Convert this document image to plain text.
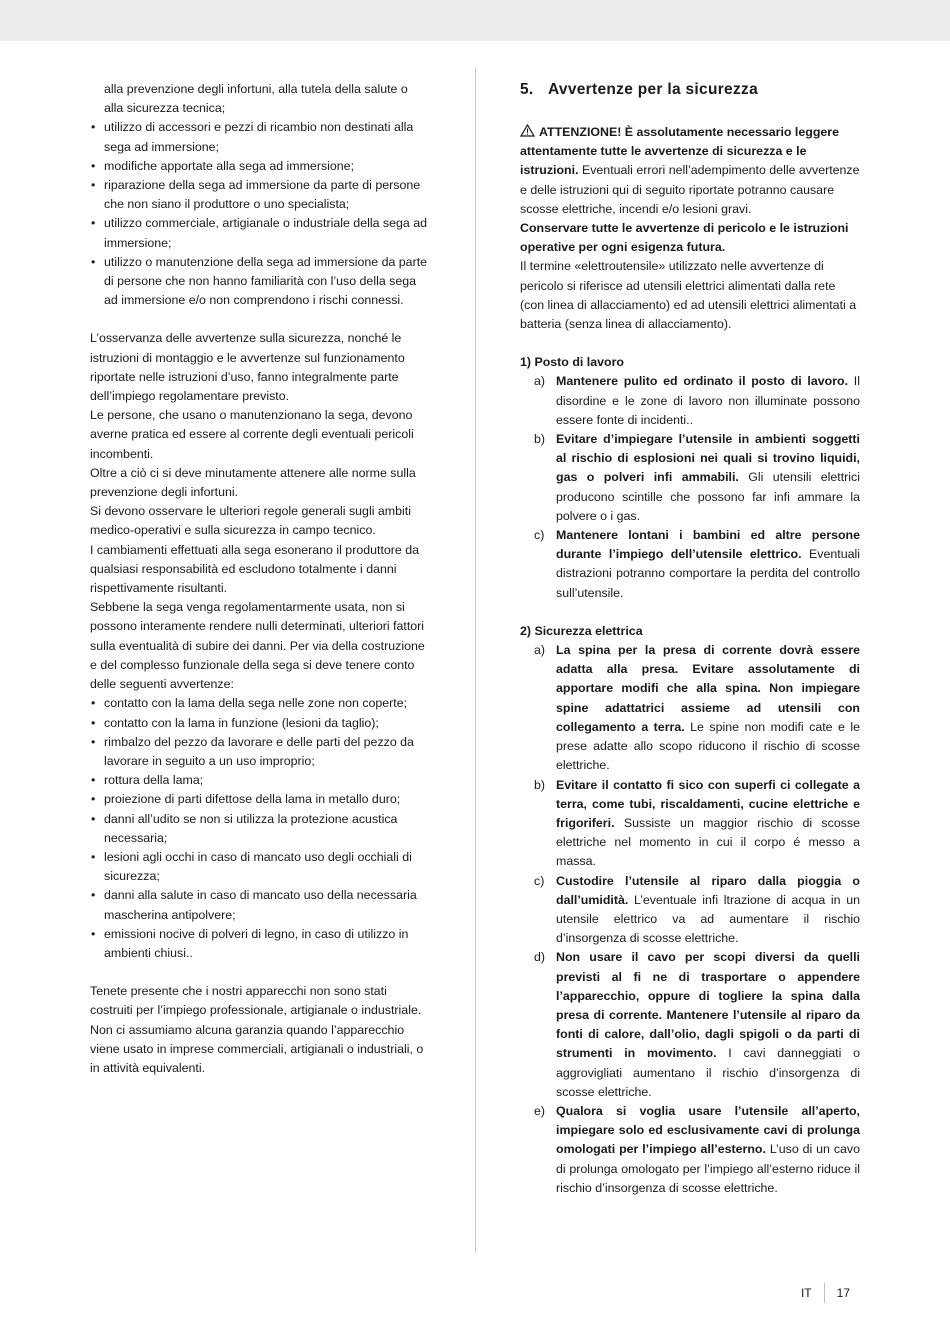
alla prevenzione degli infortuni, alla tutela della salute o alla sicurezza tecnica;

• utilizzo di accessori e pezzi di ricambio non destinati alla sega ad immersione;

• modifiche apportate alla sega ad immersione;

• riparazione della sega ad immersione da parte di persone che non siano il produttore o uno specialista;

• utilizzo commerciale, artigianale o industriale della sega ad immersione;

• utilizzo o manutenzione della sega ad immersione da parte di persone che non hanno familiarità con l’uso della sega ad immersione e/o non comprendono i rischi connessi.

L’osservanza delle avvertenze sulla sicurezza, nonché le istruzioni di montaggio e le avvertenze sul funzionamento riportate nelle istruzioni d’uso, fanno integralmente parte dell’impiego regolamentare previsto.

Le persone, che usano o manutenzionano la sega, devono averne pratica ed essere al corrente degli eventuali pericoli incombenti.

Oltre a ciò ci si deve minutamente attenere alle norme sulla prevenzione degli infortuni.

Si devono osservare le ulteriori regole generali sugli ambiti medico-operativi e sulla sicurezza in campo tecnico.

I cambiamenti effettuati alla sega esonerano il produttore da qualsiasi responsabilità ed escludono totalmente i danni rispettivamente risultanti.

Sebbene la sega venga regolamentarmente usata, non si possono interamente rendere nulli determinati, ulteriori fattori sulla eventualità di subire dei danni. Per via della costruzione e del complesso funzionale della sega si deve tenere conto delle seguenti avvertenze:

• contatto con la lama della sega nelle zone non coperte;

• contatto con la lama in funzione (lesioni da taglio);

• rimbalzo del pezzo da lavorare e delle parti del pezzo da lavorare in seguito a un uso improprio;

• rottura della lama;

• proiezione di parti difettose della lama in metallo duro;

• danni all’udito se non si utilizza la protezione acustica necessaria;

• lesioni agli occhi in caso di mancato uso degli occhiali di sicurezza;

• danni alla salute in caso di mancato uso della necessaria mascherina antipolvere;

• emissioni nocive di polveri di legno, in caso di utilizzo in ambienti chiusi..

Tenete presente che i nostri apparecchi non sono stati costruiti per l’impiego professionale, artigianale o industriale. Non ci assumiamo alcuna garanzia quando l’apparecchio viene usato in imprese commerciali, artigianali o industriali, o in attività equivalenti.

5. Avvertenze per la sicurezza

ATTENZIONE! È assolutamente necessario leggere attentamente tutte le avvertenze di sicurezza e le istruzioni. Eventuali errori nell’adempimento delle avvertenze e delle istruzioni qui di seguito riportate potranno causare scosse elettriche, incendi e/o lesioni gravi.

Conservare tutte le avvertenze di pericolo e le istruzioni operative per ogni esigenza futura.

Il termine «elettroutensile» utilizzato nelle avvertenze di pericolo si riferisce ad utensili elettrici alimentati dalla rete (con linea di allacciamento) ed ad utensili elettrici alimentati a batteria (senza linea di allacciamento).

1) Posto di lavoro

a) Mantenere pulito ed ordinato il posto di lavoro. Il disordine e le zone di lavoro non illuminate possono essere fonte di incidenti..
b) Evitare d’impiegare l’utensile in ambienti soggetti al rischio di esplosioni nei quali si trovino liquidi, gas o polveri infi ammabili. Gli utensili elettrici producono scintille che possono far infi ammare la polvere o i gas.
c) Mantenere lontani i bambini ed altre persone durante l’impiego dell’utensile elettrico. Eventuali distrazioni potranno comportare la perdita del controllo sull’utensile.

2) Sicurezza elettrica

a) La spina per la presa di corrente dovrà essere adatta alla presa. Evitare assolutamente di apportare modifi che alla spina. Non impiegare spine adattatrici assieme ad utensili con collegamento a terra. Le spine non modifi cate e le prese adatte allo scopo riducono il rischio di scosse elettriche.
b) Evitare il contatto fi sico con superfi ci collegate a terra, come tubi, riscaldamenti, cucine elettriche e frigoriferi. Sussiste un maggior rischio di scosse elettriche nel momento in cui il corpo é messo a massa.
c) Custodire l’utensile al riparo dalla pioggia o dall’umidità. L’eventuale infi ltrazione di acqua in un utensile elettrico va ad aumentare il rischio d’insorgenza di scosse elettriche.
d) Non usare il cavo per scopi diversi da quelli previsti al fi ne di trasportare o appendere l’apparecchio, oppure di togliere la spina dalla presa di corrente. Mantenere l’utensile al riparo da fonti di calore, dall’olio, dagli spigoli o da parti di strumenti in movimento. I cavi danneggiati o aggrovigliati aumentano il rischio d’insorgenza di scosse elettriche.
e) Qualora si voglia usare l’utensile all’aperto, impiegare solo ed esclusivamente cavi di prolunga omologati per l’impiego all’esterno. L’uso di un cavo di prolunga omologato per l’impiego all’esterno riduce il rischio d’insorgenza di scosse elettriche.
IT 17
